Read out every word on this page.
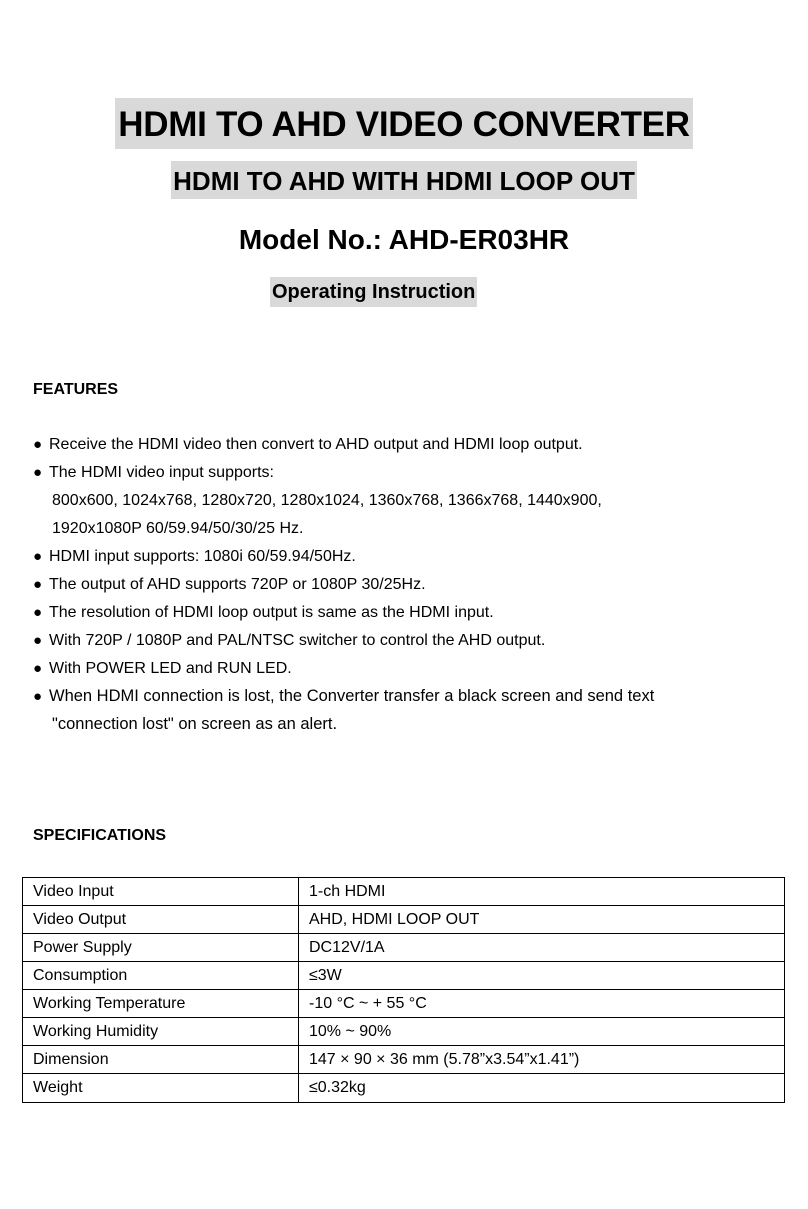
HDMI TO AHD VIDEO CONVERTER
HDMI TO AHD WITH HDMI LOOP OUT
Model No.: AHD-ER03HR
Operating Instruction
FEATURES
● Receive the HDMI video then convert to AHD output and HDMI loop output.
● The HDMI video input supports:
800x600, 1024x768, 1280x720, 1280x1024, 1360x768, 1366x768, 1440x900,
1920x1080P 60/59.94/50/30/25 Hz.
● HDMI input supports: 1080i 60/59.94/50Hz.
● The output of AHD supports 720P or 1080P 30/25Hz.
● The resolution of HDMI loop output is same as the HDMI input.
● With 720P / 1080P and PAL/NTSC switcher to control the AHD output.
● With POWER LED and RUN LED.
● When HDMI connection is lost, the Converter transfer a black screen and send text
"connection lost" on screen as an alert.
SPECIFICATIONS
Video Input	1-ch HDMI
Video Output	AHD, HDMI LOOP OUT
Power Supply	DC12V/1A
Consumption	≤3W
Working Temperature	-10 °C ~ + 55 °C
Working Humidity	10% ~ 90%
Dimension	147 × 90 × 36 mm (5.78”x3.54”x1.41”)
Weight	≤0.32kg
